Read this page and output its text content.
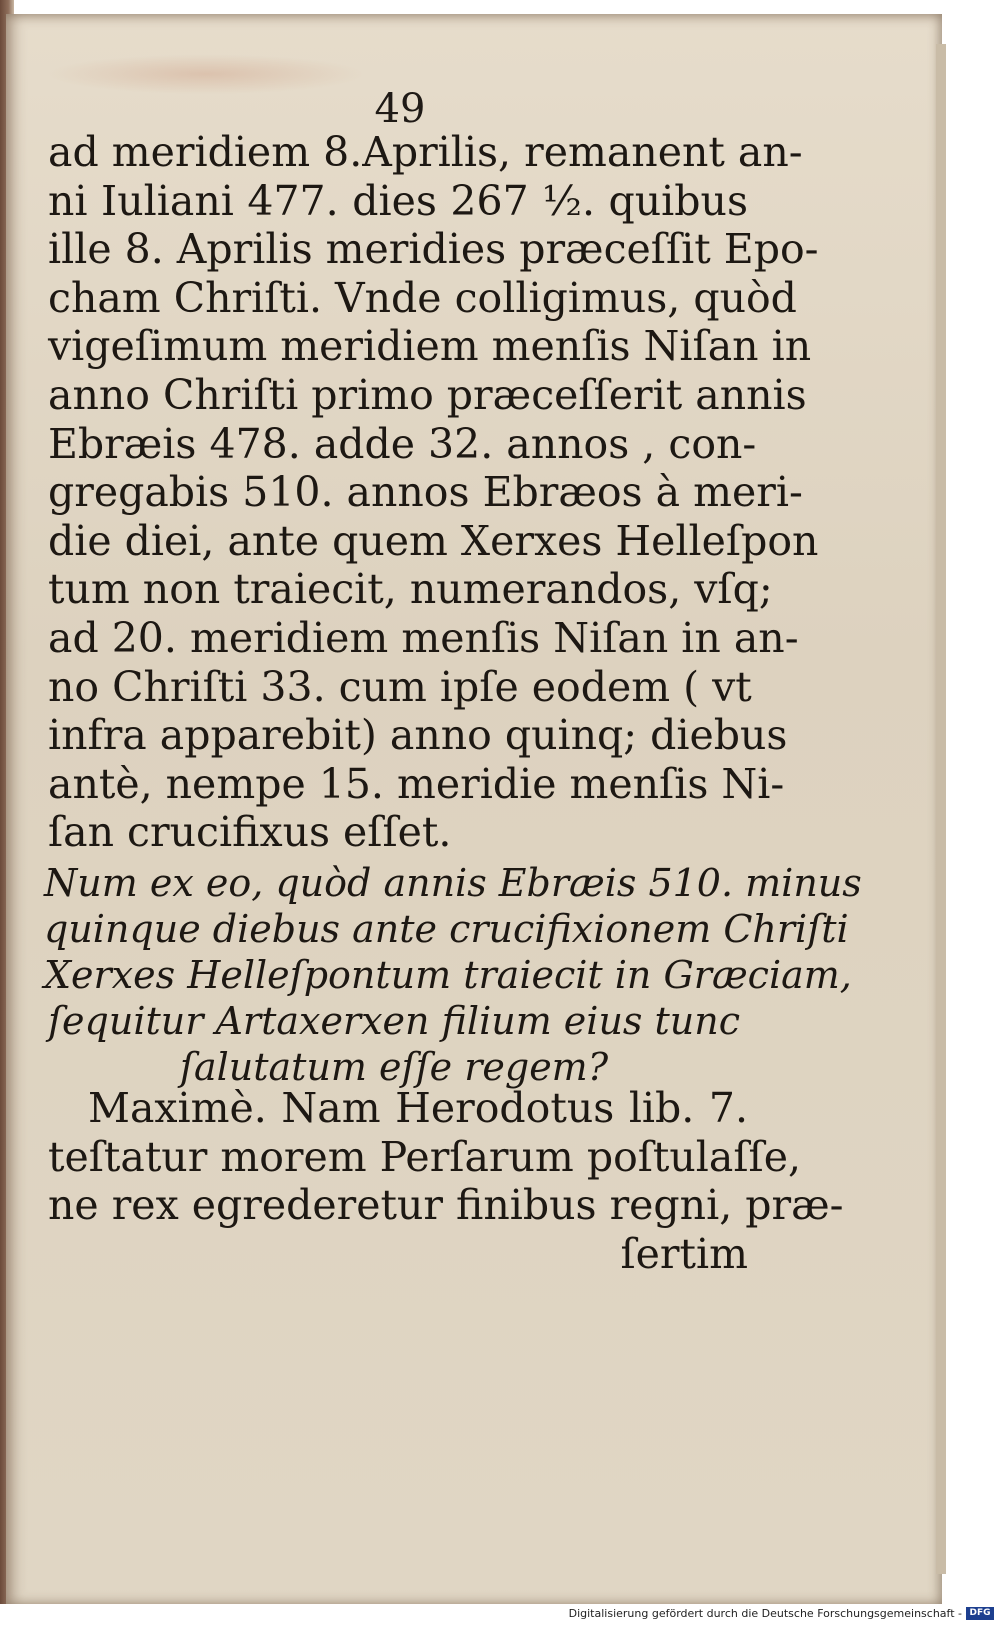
49
ad meridiem 8.Aprilis, remanent an-
ni Iuliani 477. dies 267 ½. quibus
ille 8. Aprilis meridies præceſſit Epo-
cham Chriſti. Vnde colligimus, quòd
vigeſimum meridiem menſis Niſan in
anno Chriſti primo præceſſerit annis
Ebræis 478. adde 32. annos , con-
gregabis 510. annos Ebræos à meri-
die diei, ante quem Xerxes Helleſpon
tum non traiecit, numerandos, vſq;
ad 20. meridiem menſis Niſan in an-
no Chriſti 33. cum ipſe eodem ( vt
infra apparebit) anno quinq; diebus
antè, nempe 15. meridie menſis Ni-
ſan crucifixus eſſet.
Num ex eo, quòd annis Ebræis 510. minus
quinque diebus ante crucifixionem Chriſti
Xerxes Helleſpontum traiecit in Græciam,
ſequitur Artaxerxen filium eius tunc
ſalutatum eſſe regem?
Maximè. Nam Herodotus lib. 7.
teſtatur morem Perſarum poſtulaſſe,
ne rex egrederetur finibus regni, præ-
ſertim
Digitalisierung gefördert durch die Deutsche Forschungsgemeinschaft - DFG
